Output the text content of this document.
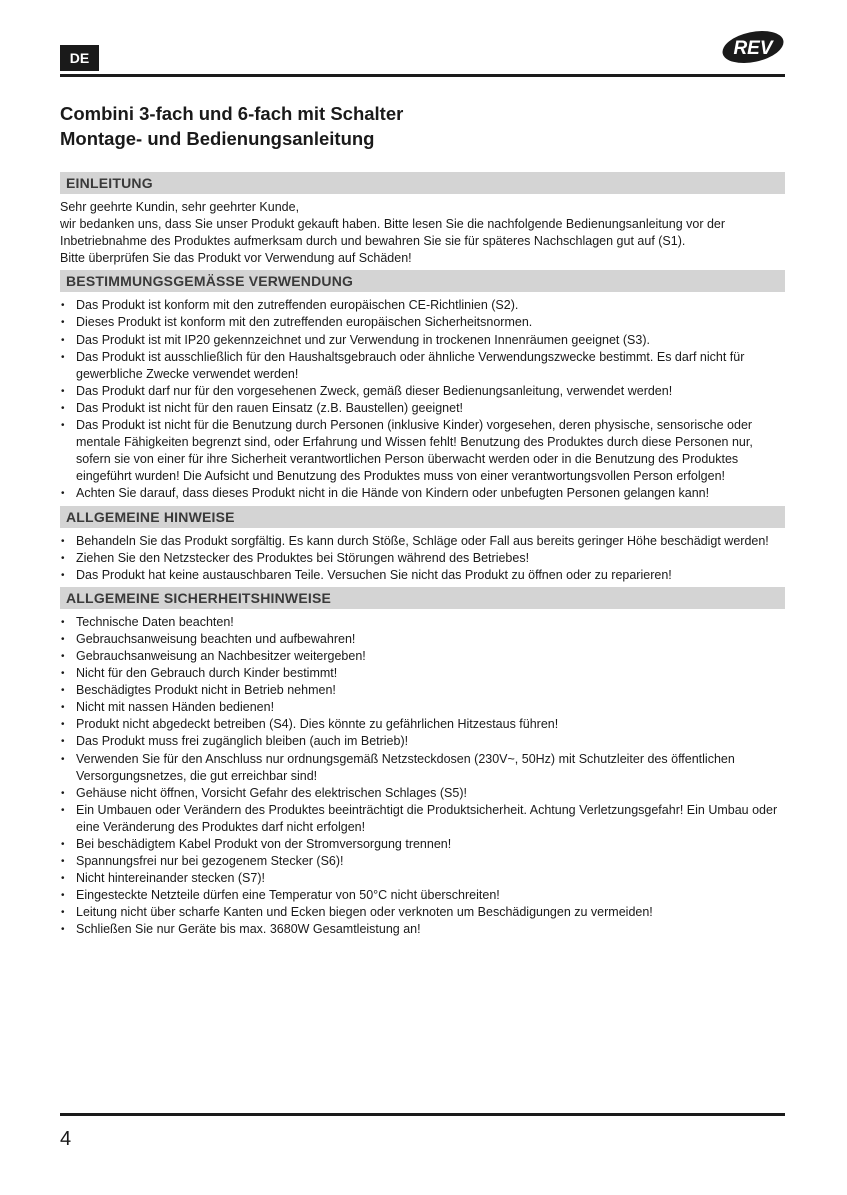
DE	REV
Combini 3-fach und 6-fach mit Schalter
Montage- und Bedienungsanleitung
EINLEITUNG
Sehr geehrte Kundin, sehr geehrter Kunde,
wir bedanken uns, dass Sie unser Produkt gekauft haben. Bitte lesen Sie die nachfolgende Bedienungsanleitung vor der Inbetriebnahme des Produktes aufmerksam durch und bewahren Sie sie für späteres Nachschlagen gut auf (S1).
Bitte überprüfen Sie das Produkt vor Verwendung auf Schäden!
BESTIMMUNGSGEMÄSSE VERWENDUNG
• Das Produkt ist konform mit den zutreffenden europäischen CE-Richtlinien (S2).
• Dieses Produkt ist konform mit den zutreffenden europäischen Sicherheitsnormen.
• Das Produkt ist mit IP20 gekennzeichnet und zur Verwendung in trockenen Innenräumen geeignet (S3).
• Das Produkt ist ausschließlich für den Haushaltsgebrauch oder ähnliche Verwendungszwecke bestimmt. Es darf nicht für gewerbliche Zwecke verwendet werden!
• Das Produkt darf nur für den vorgesehenen Zweck, gemäß dieser Bedienungsanleitung, verwendet werden!
• Das Produkt ist nicht für den rauen Einsatz (z.B. Baustellen) geeignet!
• Das Produkt ist nicht für die Benutzung durch Personen (inklusive Kinder) vorgesehen, deren physische, sensorische oder mentale Fähigkeiten begrenzt sind, oder Erfahrung und Wissen fehlt! Benutzung des Produktes durch diese Personen nur, sofern sie von einer für ihre Sicherheit verantwortlichen Person überwacht werden oder in die Benutzung des Produktes eingeführt wurden! Die Aufsicht und Benutzung des Produktes muss von einer verantwortungsvollen Person erfolgen!
• Achten Sie darauf, dass dieses Produkt nicht in die Hände von Kindern oder unbefugten Personen gelangen kann!
ALLGEMEINE HINWEISE
• Behandeln Sie das Produkt sorgfältig. Es kann durch Stöße, Schläge oder Fall aus bereits geringer Höhe beschädigt werden!
• Ziehen Sie den Netzstecker des Produktes bei Störungen während des Betriebes!
• Das Produkt hat keine austauschbaren Teile. Versuchen Sie nicht das Produkt zu öffnen oder zu reparieren!
ALLGEMEINE SICHERHEITSHINWEISE
• Technische Daten beachten!
• Gebrauchsanweisung beachten und aufbewahren!
• Gebrauchsanweisung an Nachbesitzer weitergeben!
• Nicht für den Gebrauch durch Kinder bestimmt!
• Beschädigtes Produkt nicht in Betrieb nehmen!
• Nicht mit nassen Händen bedienen!
• Produkt nicht abgedeckt betreiben (S4). Dies könnte zu gefährlichen Hitzestaus führen!
• Das Produkt muss frei zugänglich bleiben (auch im Betrieb)!
• Verwenden Sie für den Anschluss nur ordnungsgemäß Netzsteckdosen (230V~, 50Hz) mit Schutzleiter des öffentlichen Versorgungsnetzes, die gut erreichbar sind!
• Gehäuse nicht öffnen, Vorsicht Gefahr des elektrischen Schlages (S5)!
• Ein Umbauen oder Verändern des Produktes beeinträchtigt die Produktsicherheit. Achtung Verletzungsgefahr! Ein Umbau oder eine Veränderung des Produktes darf nicht erfolgen!
• Bei beschädigtem Kabel Produkt von der Stromversorgung trennen!
• Spannungsfrei nur bei gezogenem Stecker (S6)!
• Nicht hintereinander stecken (S7)!
• Eingesteckte Netzteile dürfen eine Temperatur von 50°C nicht überschreiten!
• Leitung nicht über scharfe Kanten und Ecken biegen oder verknoten um Beschädigungen zu vermeiden!
• Schließen Sie nur Geräte bis max. 3680W Gesamtleistung an!
4
